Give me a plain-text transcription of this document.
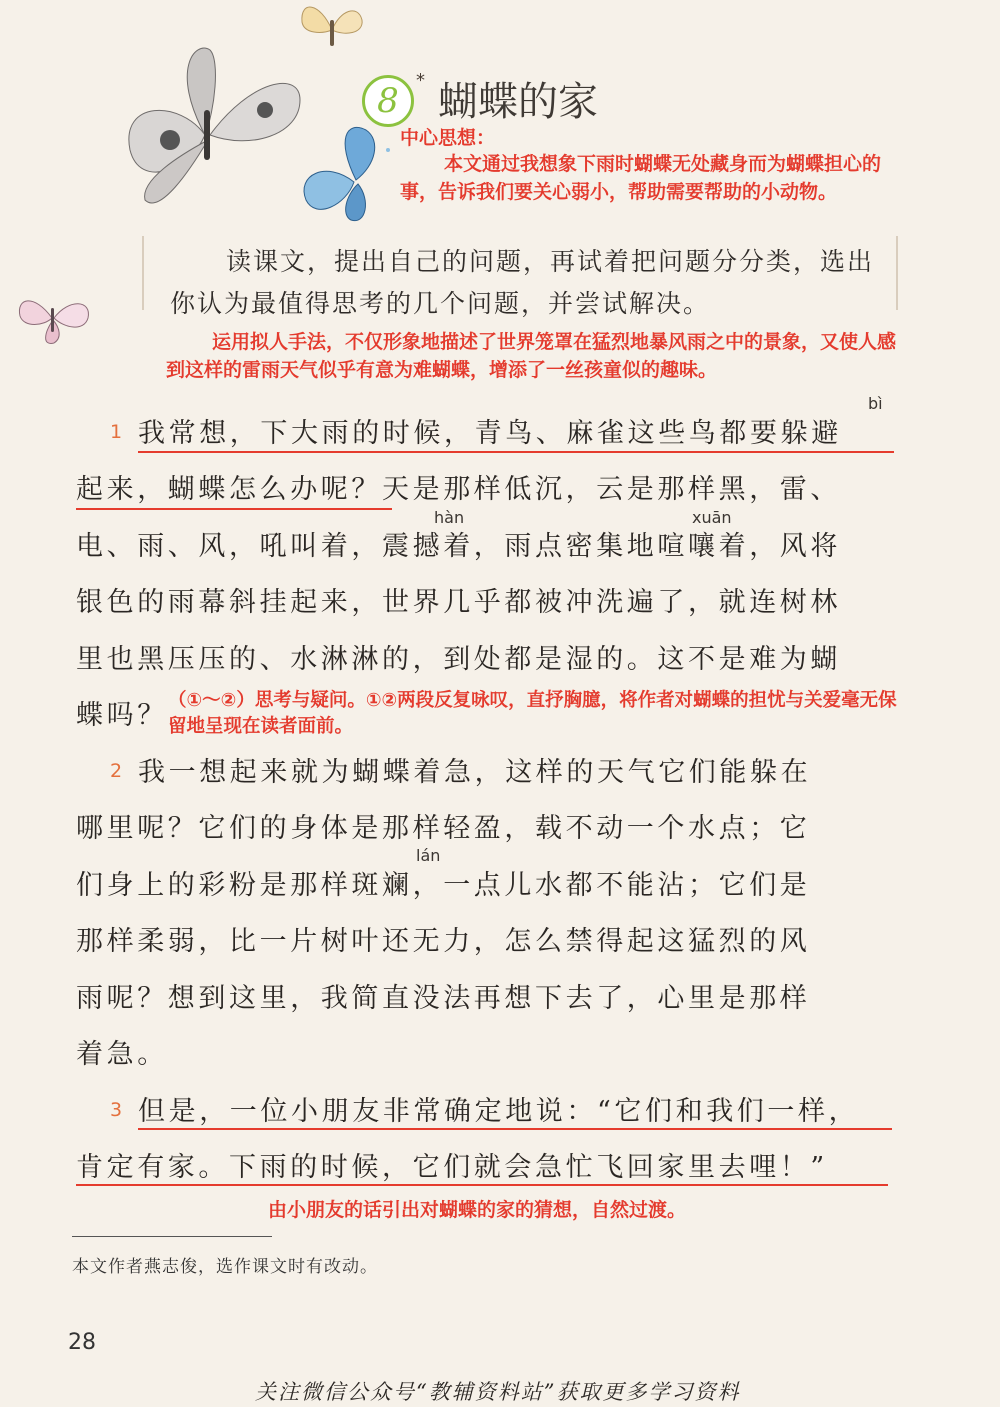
8
* 蝴蝶的家
中心思想：
本文通过我想象下雨时蝴蝶无处藏身而为蝴蝶担心的事，告诉我们要关心弱小，帮助需要帮助的小动物。
读课文，提出自己的问题，再试着把问题分分类，选出你认为最值得思考的几个问题，并尝试解决。
运用拟人手法，不仅形象地描述了世界笼罩在猛烈地暴风雨之中的景象，又使人感到这样的雷雨天气似乎有意为难蝴蝶，增添了一丝孩童似的趣味。
bì
hàn	xuān
lán
1 我常想，下大雨的时候，青鸟、麻雀这些鸟都要躲避
起来，蝴蝶怎么办呢？天是那样低沉，云是那样黑，雷、
电、雨、风，吼叫着，震撼着，雨点密集地喧嚷着，风将
银色的雨幕斜挂起来，世界几乎都被冲洗遍了，就连树林
里也黑压压的、水淋淋的，到处都是湿的。这不是难为蝴
蝶吗？ （①～②）思考与疑问。①②两段反复咏叹，直抒胸臆，将作者对蝴蝶的担忧与关爱毫无保留地呈现在读者面前。
2 我一想起来就为蝴蝶着急，这样的天气它们能躲在
哪里呢？它们的身体是那样轻盈，载不动一个水点；它
们身上的彩粉是那样斑斓，一点儿水都不能沾；它们是
那样柔弱，比一片树叶还无力，怎么禁得起这猛烈的风
雨呢？想到这里，我简直没法再想下去了，心里是那样
着急。
3 但是，一位小朋友非常确定地说：“它们和我们一样，
肯定有家。下雨的时候，它们就会急忙飞回家里去哩！”
由小朋友的话引出对蝴蝶的家的猜想，自然过渡。
本文作者燕志俊，选作课文时有改动。
28
关注微信公众号“教辅资料站”获取更多学习资料
